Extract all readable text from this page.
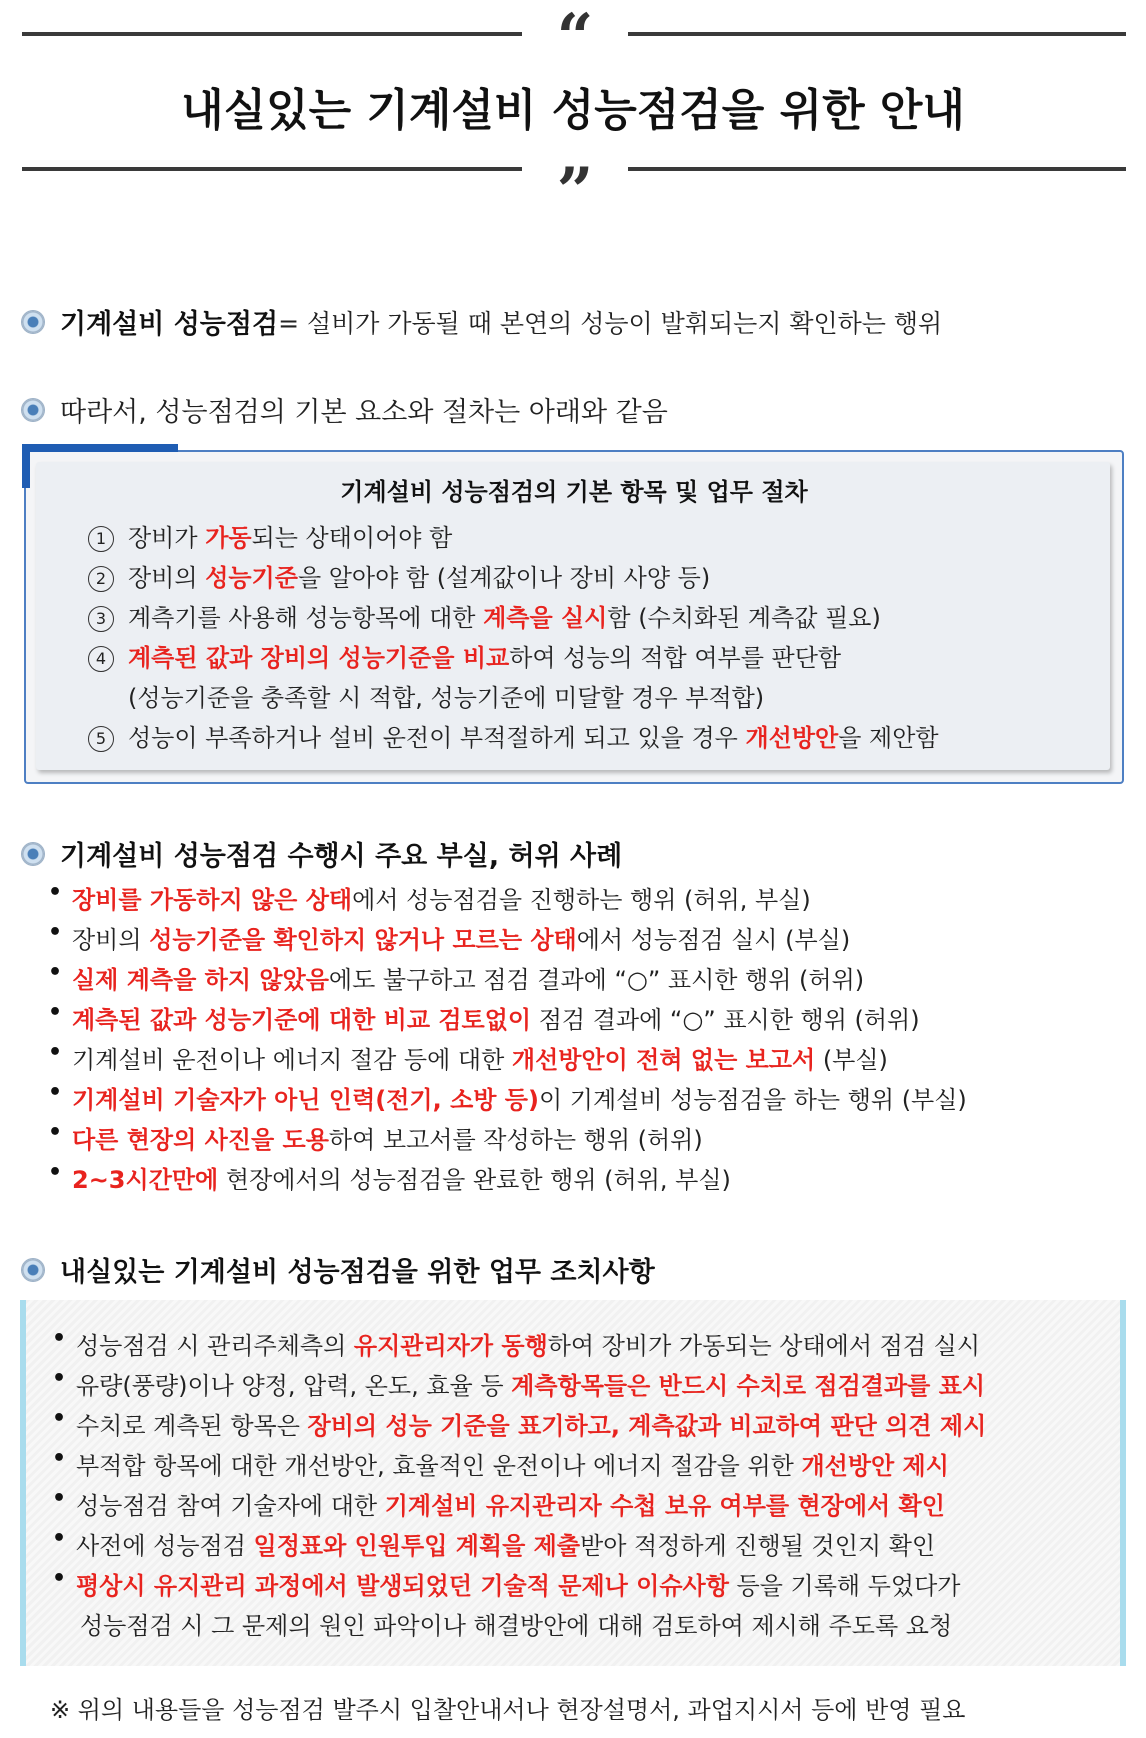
“
내실있는 기계설비 성능점검을 위한 안내
”
기계설비 성능점검 = 설비가 가동될 때 본연의 성능이 발휘되는지 확인하는 행위
따라서, 성능점검의 기본 요소와 절차는 아래와 같음
기계설비 성능점검의 기본 항목 및 업무 절차
1 장비가 가동되는 상태이어야 함
2 장비의 성능기준을 알아야 함 (설계값이나 장비 사양 등)
3 계측기를 사용해 성능항목에 대한 계측을 실시함 (수치화된 계측값 필요)
4 계측된 값과 장비의 성능기준을 비교하여 성능의 적합 여부를 판단함
(성능기준을 충족할 시 적합, 성능기준에 미달할 경우 부적합)
5 성능이 부족하거나 설비 운전이 부적절하게 되고 있을 경우 개선방안을 제안함
기계설비 성능점검 수행시 주요 부실, 허위 사례
• 장비를 가동하지 않은 상태에서 성능점검을 진행하는 행위 (허위, 부실)
• 장비의 성능기준을 확인하지 않거나 모르는 상태에서 성능점검 실시 (부실)
• 실제 계측을 하지 않았음에도 불구하고 점검 결과에 “○” 표시한 행위 (허위)
• 계측된 값과 성능기준에 대한 비교 검토없이 점검 결과에 “○” 표시한 행위 (허위)
• 기계설비 운전이나 에너지 절감 등에 대한 개선방안이 전혀 없는 보고서 (부실)
• 기계설비 기술자가 아닌 인력(전기, 소방 등)이 기계설비 성능점검을 하는 행위 (부실)
• 다른 현장의 사진을 도용하여 보고서를 작성하는 행위 (허위)
• 2~3시간만에 현장에서의 성능점검을 완료한 행위 (허위, 부실)
내실있는 기계설비 성능점검을 위한 업무 조치사항
• 성능점검 시 관리주체측의 유지관리자가 동행하여 장비가 가동되는 상태에서 점검 실시
• 유량(풍량)이나 양정, 압력, 온도, 효율 등 계측항목들은 반드시 수치로 점검결과를 표시
• 수치로 계측된 항목은 장비의 성능 기준을 표기하고, 계측값과 비교하여 판단 의견 제시
• 부적합 항목에 대한 개선방안, 효율적인 운전이나 에너지 절감을 위한 개선방안 제시
• 성능점검 참여 기술자에 대한 기계설비 유지관리자 수첩 보유 여부를 현장에서 확인
• 사전에 성능점검 일정표와 인원투입 계획을 제출받아 적정하게 진행될 것인지 확인
• 평상시 유지관리 과정에서 발생되었던 기술적 문제나 이슈사항 등을 기록해 두었다가
성능점검 시 그 문제의 원인 파악이나 해결방안에 대해 검토하여 제시해 주도록 요청
※ 위의 내용들을 성능점검 발주시 입찰안내서나 현장설명서, 과업지시서 등에 반영 필요
